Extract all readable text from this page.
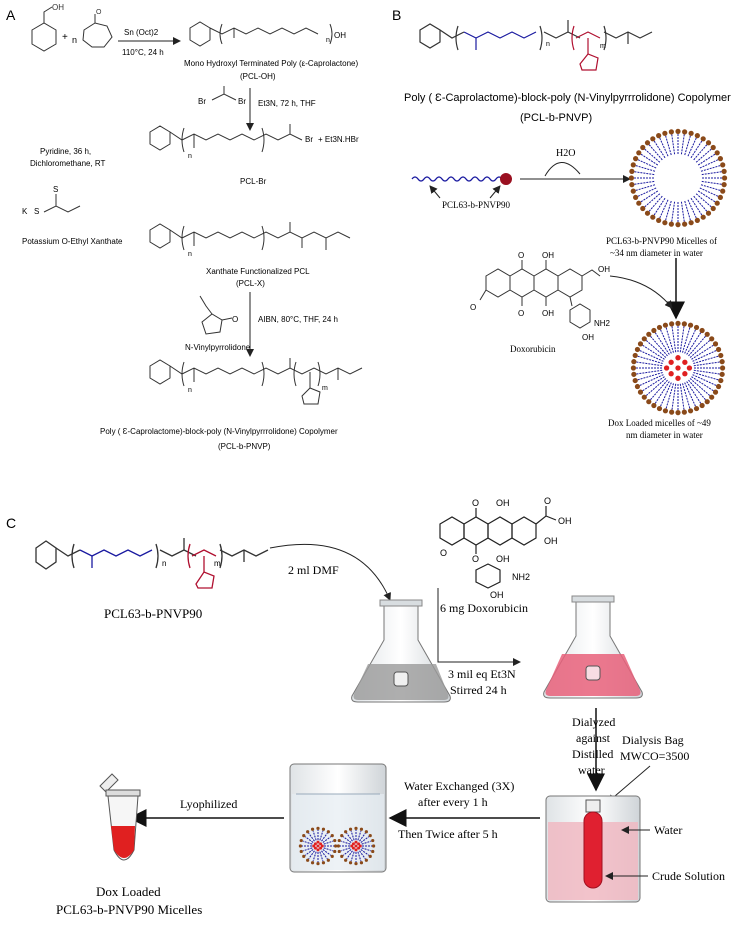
A	OH
+ n
O
Sn (Oct)2
110°C, 24 h
n
OH
Mono Hydroxyl Terminated Poly (ε-Caprolactone)
(PCL-OH)
Br	Br Et3N, 72 h, THF
n
Br + Et3N.HBr
PCL-Br
Pyridine, 36 h,
Dichloromethane, RT
K S
S
Potassium O-Ethyl Xanthate
n
Xanthate Functionalized PCL
(PCL-X)
O
N-Vinylpyrrolidone
AIBN, 80°C, THF, 24 h
n	m
Poly ( Ɛ-Caprolactome)-block-poly (N-Vinylpyrrrolidone) Copolymer
(PCL-b-PNVP)
B
n	m
Poly ( Ɛ-Caprolactome)-block-poly (N-Vinylpyrrrolidone) Copolymer
(PCL-b-PNVP)
PCL63-b-PNVP90
H2O
PCL63-b-PNVP90 Micelles of
~34 nm diameter in water
O OH
O OH
OH
NH2
OH
O
Doxorubicin
Dox Loaded micelles of ~49
nm diameter in water
C
n	m
PCL63-b-PNVP90
2 ml DMF
O OH	O
OH
OH
O OH
O
NH2
OH
6 mg Doxorubicin
3 mil eq Et3N
Stirred 24 h
Dialyzed
against
Distilled
water
Dialysis Bag
MWCO=3500
Water
Crude Solution
Water Exchanged (3X)
after every 1 h
Then Twice after 5 h
Lyophilized
Dox Loaded
PCL63-b-PNVP90 Micelles
